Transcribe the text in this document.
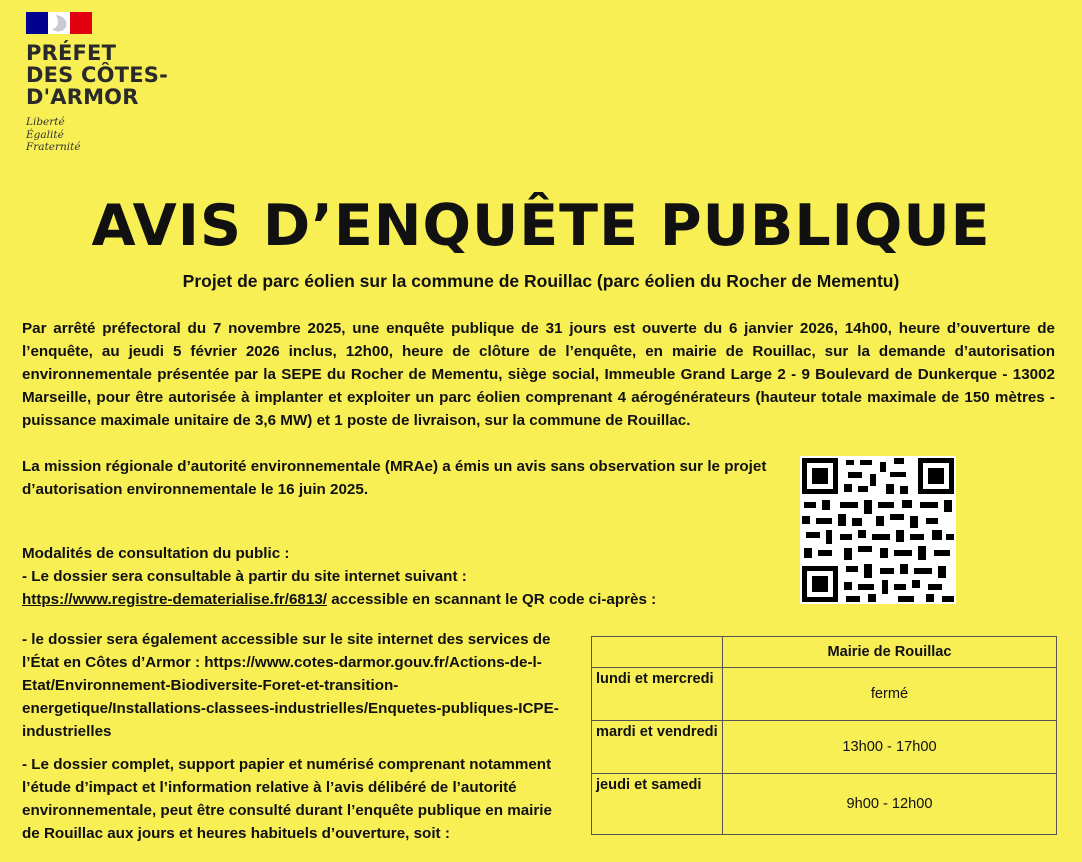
PRÉFET
DES CÔTES-
D'ARMOR
Liberté
Égalité
Fraternité
AVIS D’ENQUÊTE PUBLIQUE
Projet de parc éolien sur la commune de Rouillac (parc éolien du Rocher de Mementu)

Par arrêté préfectoral du 7 novembre 2025, une enquête publique de 31 jours est ouverte du 6 janvier 2026, 14h00, heure d’ouverture de l’enquête, au jeudi 5 février 2026 inclus, 12h00, heure de clôture de l’enquête, en mairie de Rouillac, sur la demande d’autorisation environnementale présentée par la SEPE du Rocher de Mementu, siège social, Immeuble Grand Large 2 - 9 Boulevard de Dunkerque - 13002 Marseille, pour être autorisée à implanter et exploiter un parc éolien comprenant 4 aérogénérateurs (hauteur totale maximale de 150 mètres - puissance maximale unitaire de 3,6 MW) et 1 poste de livraison, sur la commune de Rouillac.

La mission régionale d’autorité environnementale (MRAe) a émis un avis sans observation sur le projet d’autorisation environnementale le 16 juin 2025.

Modalités de consultation du public :
- Le dossier sera consultable à partir du site internet suivant :
https://www.registre-dematerialise.fr/6813/ accessible en scannant le QR code ci-après :

- le dossier sera également accessible sur le site internet des services de l’État en Côtes d’Armor : https://www.cotes-darmor.gouv.fr/Actions-de-l-Etat/Environnement-Biodiversite-Foret-et-transition-energetique/Installations-classees-industrielles/Enquetes-publiques-ICPE-industrielles

- Le dossier complet, support papier et numérisé comprenant notamment l’étude d’impact et l’information relative à l’avis délibéré de l’autorité environnementale, peut être consulté durant l’enquête publique en mairie de Rouillac aux jours et heures habituels d’ouverture, soit :

	Mairie de Rouillac
lundi et mercredi	fermé
mardi et vendredi	13h00 - 17h00
jeudi et samedi	9h00 - 12h00
